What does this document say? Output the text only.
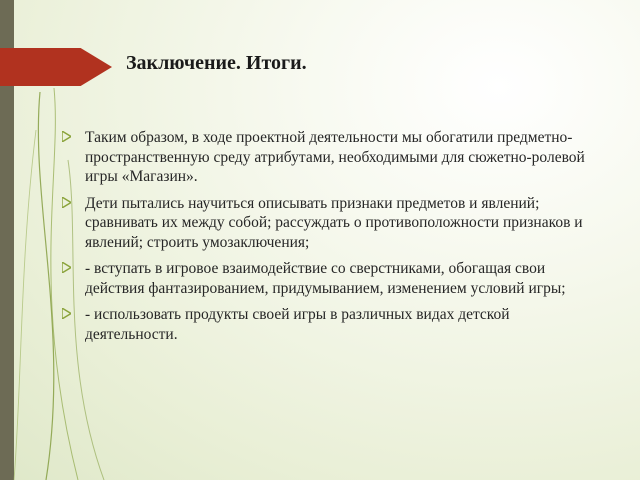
Заключение. Итоги.
Таким образом, в ходе проектной деятельности мы обогатили предметно-пространственную среду атрибутами, необходимыми для сюжетно-ролевой игры «Магазин».
Дети пытались научиться описывать признаки предметов и явлений; сравнивать их между собой; рассуждать о противоположности признаков и явлений; строить умозаключения;
- вступать в игровое взаимодействие со сверстниками, обогащая свои действия фантазированием, придумыванием, изменением условий игры;
- использовать продукты своей игры в различных видах детской деятельности.
